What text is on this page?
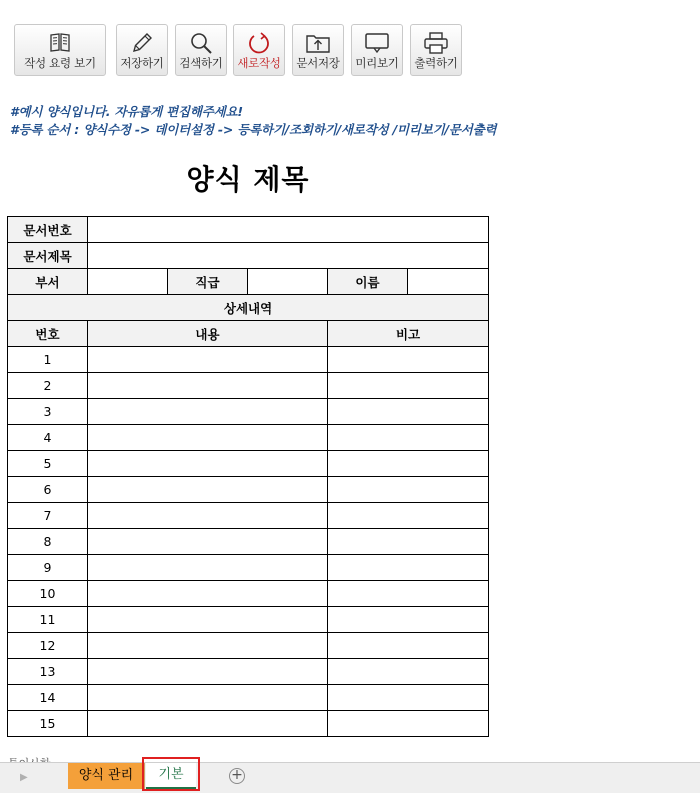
작성 요령 보기	저장하기 검색하기 새로작성 문서저장 미리보기 출력하기
#예시 양식입니다. 자유롭게 편집해주세요!
#등록 순서 : 양식수정 -> 데이터설정 -> 등록하기/조회하기/새로작성 /미리보기/문서출력
양식 제목
문서번호					
문서제목					
부서		직급		이름	
상세내역					
번호	내용			비고	
1					
2					
3					
4					
5					
6					
7					
8					
9					
10					
11					
12					
13					
14					
15					
▶	양식 관리	기본	+
